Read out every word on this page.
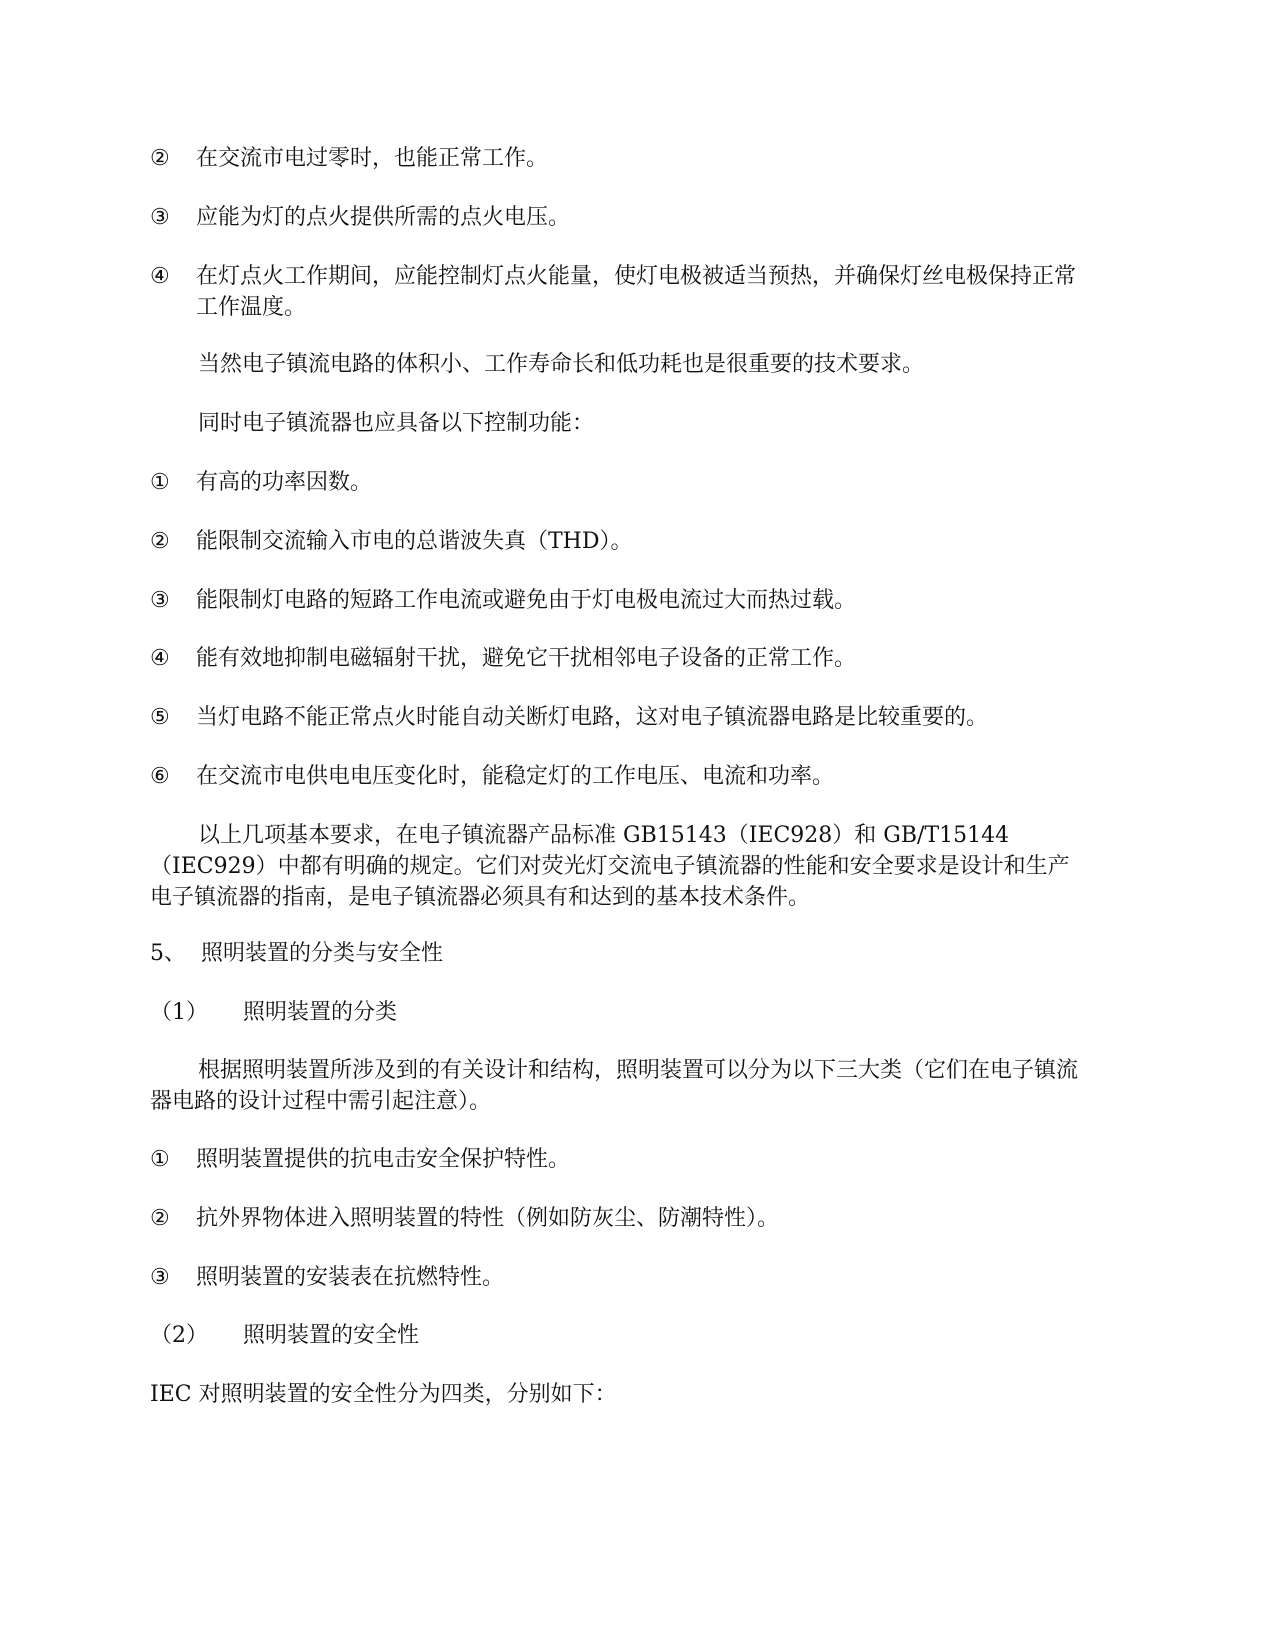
②	在交流市电过零时，也能正常工作。
③	应能为灯的点火提供所需的点火电压。
④	在灯点火工作期间，应能控制灯点火能量，使灯电极被适当预热，并确保灯丝电极保持正常工作温度。
当然电子镇流电路的体积小、工作寿命长和低功耗也是很重要的技术要求。
同时电子镇流器也应具备以下控制功能：
①	有高的功率因数。
②	能限制交流输入市电的总谐波失真（THD）。
③	能限制灯电路的短路工作电流或避免由于灯电极电流过大而热过载。
④	能有效地抑制电磁辐射干扰，避免它干扰相邻电子设备的正常工作。
⑤	当灯电路不能正常点火时能自动关断灯电路，这对电子镇流器电路是比较重要的。
⑥	在交流市电供电电压变化时，能稳定灯的工作电压、电流和功率。
以上几项基本要求，在电子镇流器产品标准 GB15143（IEC928）和 GB/T15144（IEC929）中都有明确的规定。它们对荧光灯交流电子镇流器的性能和安全要求是设计和生产电子镇流器的指南，是电子镇流器必须具有和达到的基本技术条件。
5、 照明装置的分类与安全性
（1） 照明装置的分类
根据照明装置所涉及到的有关设计和结构，照明装置可以分为以下三大类（它们在电子镇流器电路的设计过程中需引起注意）。
①	照明装置提供的抗电击安全保护特性。
②	抗外界物体进入照明装置的特性（例如防灰尘、防潮特性）。
③	照明装置的安装表在抗燃特性。
（2） 照明装置的安全性
IEC 对照明装置的安全性分为四类，分别如下：
